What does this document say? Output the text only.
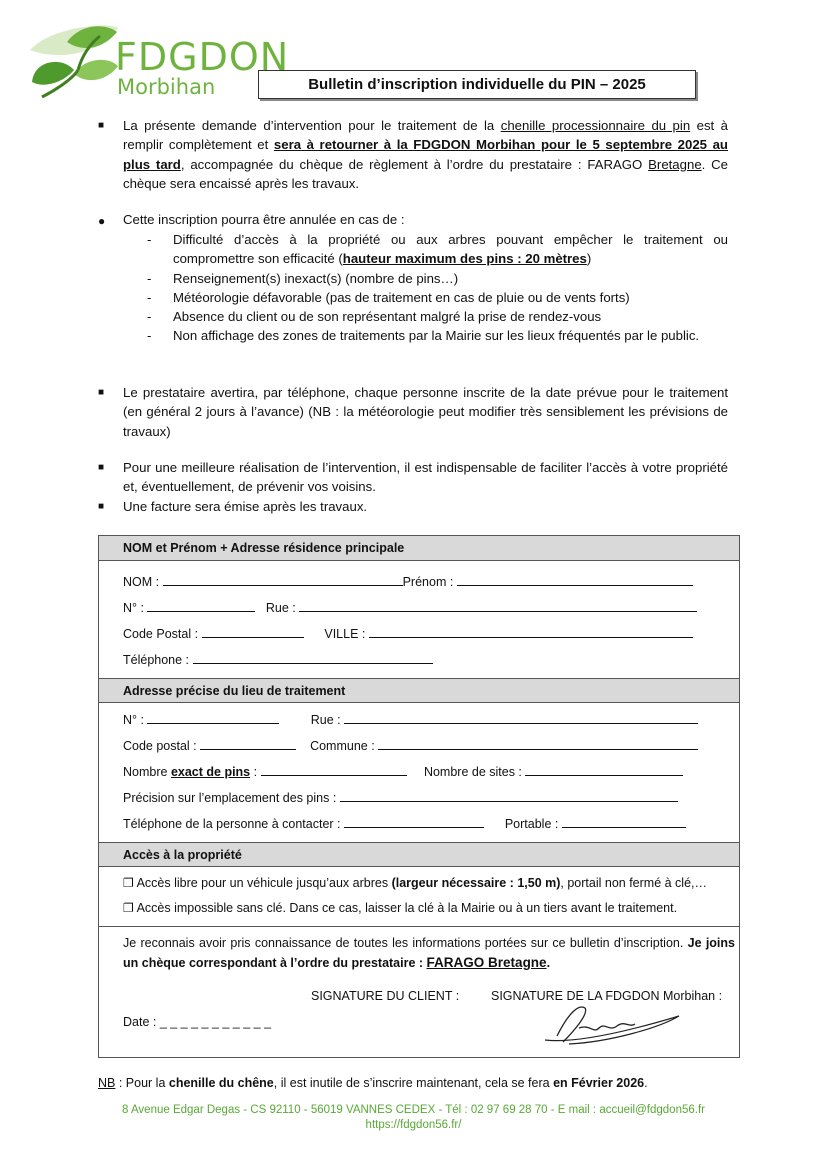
FDGDON
Morbihan	Bulletin d’inscription individuelle du PIN – 2025
■ La présente demande d’intervention pour le traitement de la chenille processionnaire du pin est à remplir complètement et sera à retourner à la FDGDON Morbihan pour le 5 septembre 2025 au plus tard, accompagnée du chèque de règlement à l’ordre du prestataire : FARAGO Bretagne. Ce chèque sera encaissé après les travaux.
● Cette inscription pourra être annulée en cas de :
- Difficulté d’accès à la propriété ou aux arbres pouvant empêcher le traitement ou compromettre son efficacité (hauteur maximum des pins : 20 mètres)
- Renseignement(s) inexact(s) (nombre de pins…)
- Météorologie défavorable (pas de traitement en cas de pluie ou de vents forts)
- Absence du client ou de son représentant malgré la prise de rendez-vous
- Non affichage des zones de traitements par la Mairie sur les lieux fréquentés par le public.
■ Le prestataire avertira, par téléphone, chaque personne inscrite de la date prévue pour le traitement (en général 2 jours à l’avance) (NB : la météorologie peut modifier très sensiblement les prévisions de travaux)
■ Pour une meilleure réalisation de l’intervention, il est indispensable de faciliter l’accès à votre propriété et, éventuellement, de prévenir vos voisins.
■ Une facture sera émise après les travaux.
NOM et Prénom + Adresse résidence principale
NOM :	Prénom :
N° :	Rue :
Code Postal :	VILLE :
Téléphone :
Adresse précise du lieu de traitement
N° :	Rue :
Code postal :	Commune :
Nombre exact de pins :	Nombre de sites :
Précision sur l’emplacement des pins :
Téléphone de la personne à contacter :	Portable :
Accès à la propriété
❐ Accès libre pour un véhicule jusqu’aux arbres (largeur nécessaire : 1,50 m), portail non fermé à clé,…
❐ Accès impossible sans clé. Dans ce cas, laisser la clé à la Mairie ou à un tiers avant le traitement.
Je reconnais avoir pris connaissance de toutes les informations portées sur ce bulletin d’inscription. Je joins un chèque correspondant à l’ordre du prestataire : FARAGO Bretagne.
SIGNATURE DU CLIENT :	SIGNATURE DE LA FDGDON Morbihan :
Date : _ _ _ _ _ _ _ _ _ _ _
NB : Pour la chenille du chêne, il est inutile de s’inscrire maintenant, cela se fera en Février 2026.
8 Avenue Edgar Degas - CS 92110 - 56019 VANNES CEDEX - Tél : 02 97 69 28 70 - E mail : accueil@fdgdon56.fr
https://fdgdon56.fr/
